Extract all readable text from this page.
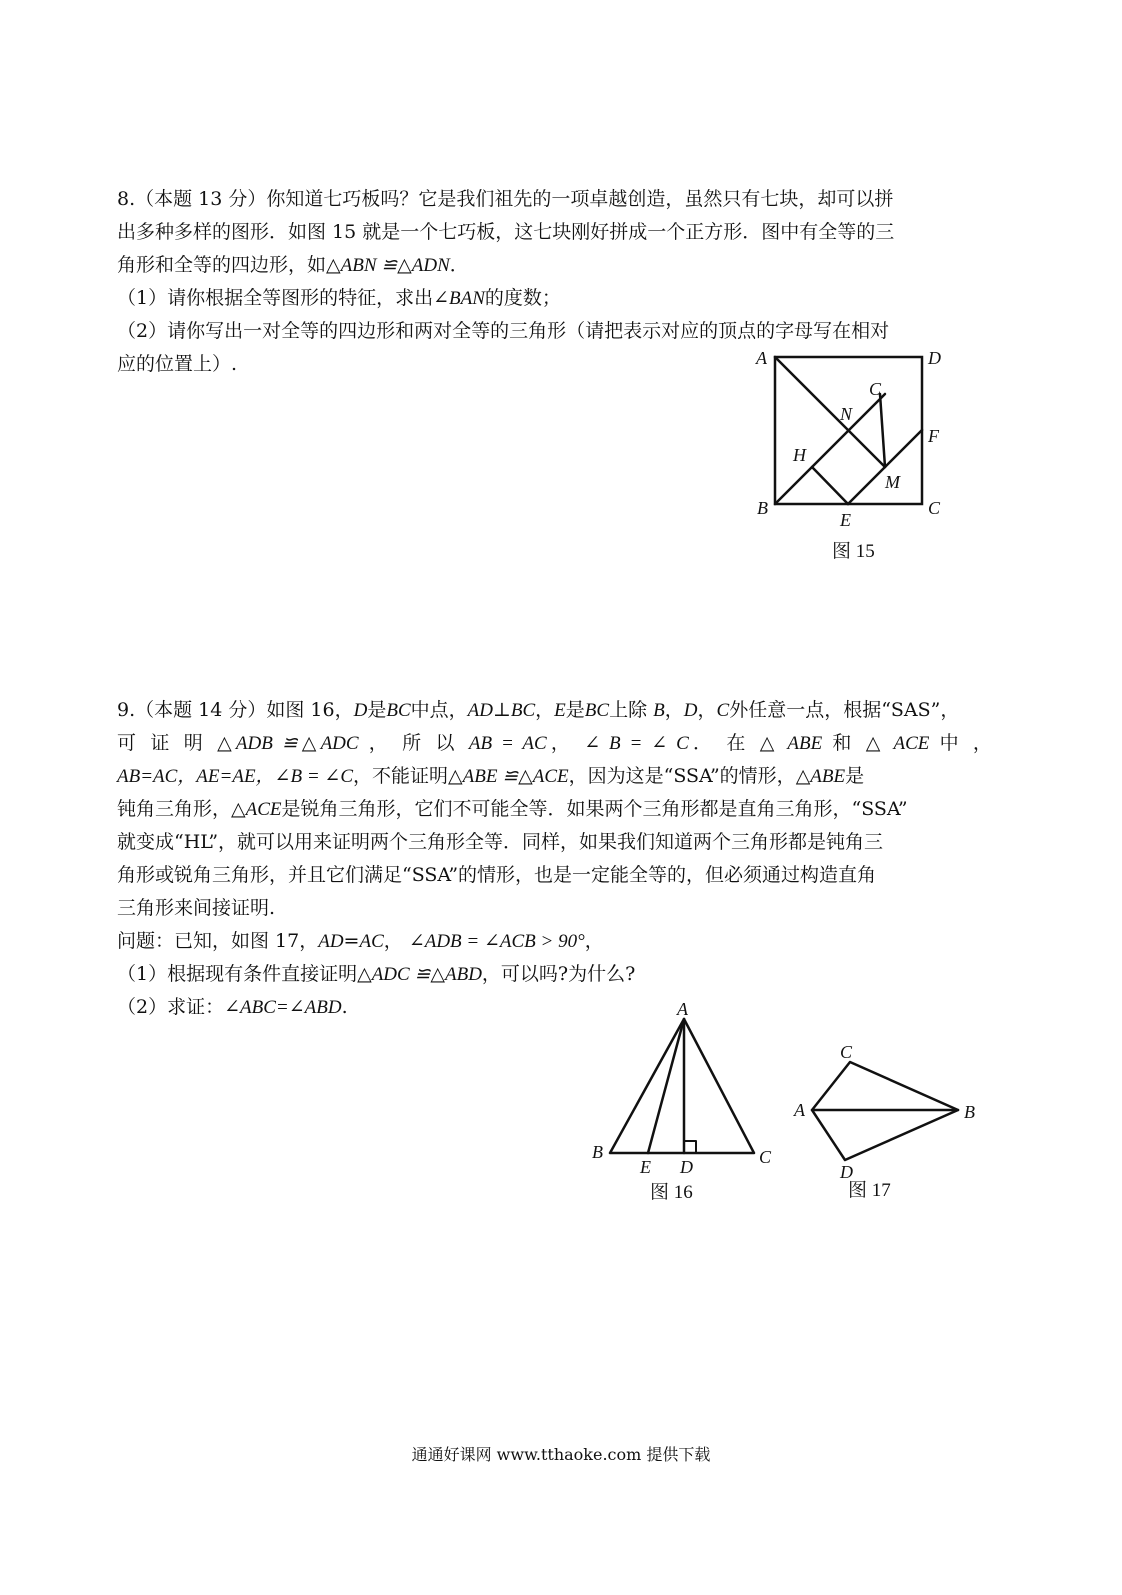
8.（本题 13 分）你知道七巧板吗？它是我们祖先的一项卓越创造，虽然只有七块，却可以拼
出多种多样的图形．如图 15 就是一个七巧板，这七块刚好拼成一个正方形．图中有全等的三
角形和全等的四边形，如△ABN ≌△ADN．
（1）请你根据全等图形的特征，求出∠BAN的度数；
（2）请你写出一对全等的四边形和两对全等的三角形（请把表示对应的顶点的字母写在相对
应的位置上）.	A	D
C
N
F
H
M
B
E
C
图 15
9.（本题 14 分）如图 16，D是BC中点，AD⊥BC，E是BC上除 B，D，C外任意一点，根据“SAS”，
可 证 明 △ADB ≌△ADC ， 所 以 AB = AC， ∠ B = ∠ C． 在 △ ABE 和 △ ACE 中 ，
AB=AC，AE=AE，∠B = ∠C，不能证明△ABE ≌△ACE，因为这是“SSA”的情形，△ABE是
钝角三角形，△ACE是锐角三角形，它们不可能全等．如果两个三角形都是直角三角形，“SSA”
就变成“HL”，就可以用来证明两个三角形全等．同样，如果我们知道两个三角形都是钝角三
角形或锐角三角形，并且它们满足“SSA”的情形，也是一定能全等的，但必须通过构造直角
三角形来间接证明.
问题：已知，如图 17，AD=AC， ∠ADB = ∠ACB > 90°，
（1）根据现有条件直接证明△ADC ≌△ABD，可以吗?为什么?
（2）求证：∠ABC=∠ABD.	A
B
E D	C
图 16
C
A	B
D
图 17
通通好课网 www.tthaoke.com 提供下载
